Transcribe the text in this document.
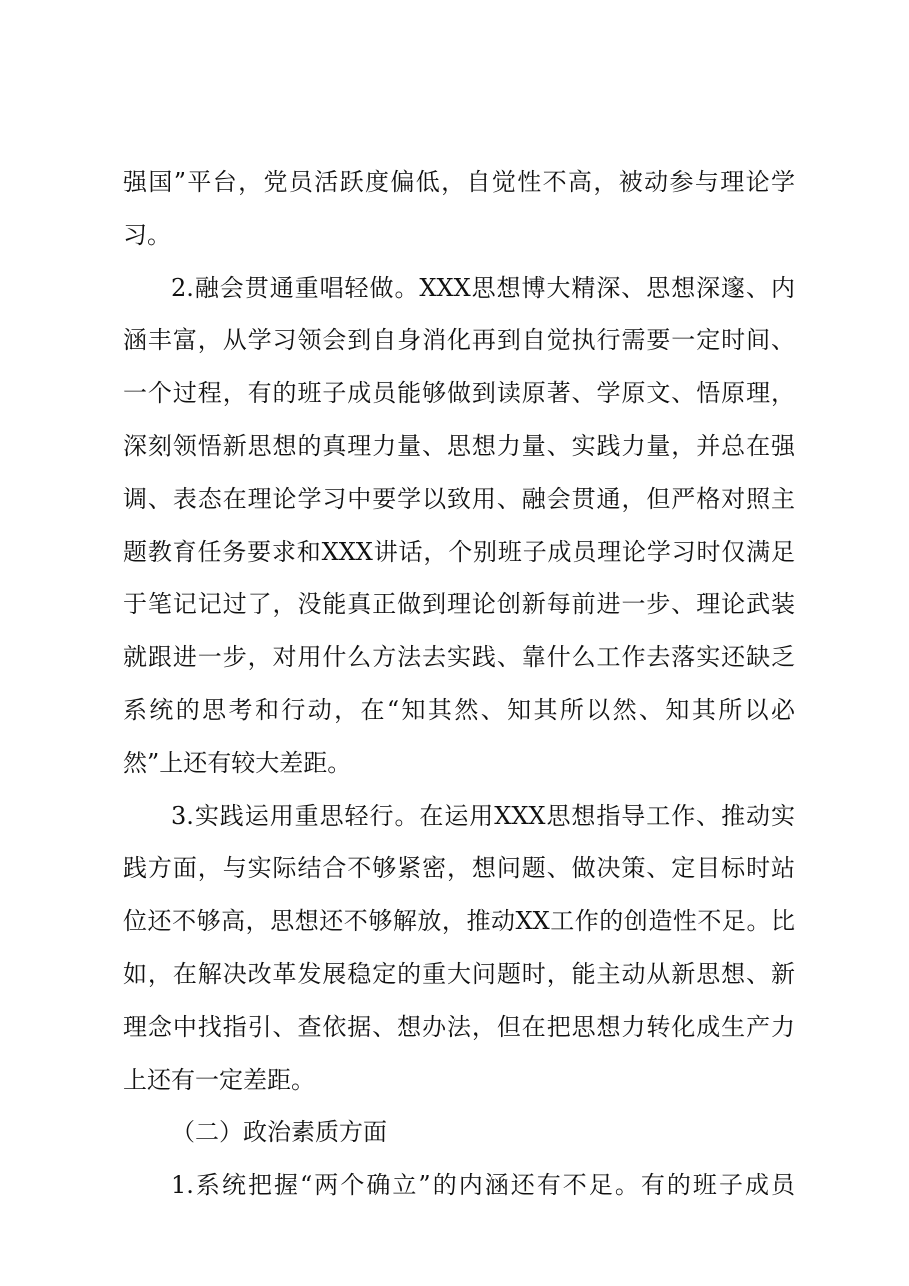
强国”平台，党员活跃度偏低，自觉性不高，被动参与理论学
习。
2.融会贯通重唱轻做。XXX思想博大精深、思想深邃、内
涵丰富，从学习领会到自身消化再到自觉执行需要一定时间、
一个过程，有的班子成员能够做到读原著、学原文、悟原理，
深刻领悟新思想的真理力量、思想力量、实践力量，并总在强
调、表态在理论学习中要学以致用、融会贯通，但严格对照主
题教育任务要求和XXX讲话，个别班子成员理论学习时仅满足
于笔记记过了，没能真正做到理论创新每前进一步、理论武装
就跟进一步，对用什么方法去实践、靠什么工作去落实还缺乏
系统的思考和行动，在“知其然、知其所以然、知其所以必
然”上还有较大差距。
3.实践运用重思轻行。在运用XXX思想指导工作、推动实
践方面，与实际结合不够紧密，想问题、做决策、定目标时站
位还不够高，思想还不够解放，推动XX工作的创造性不足。比
如，在解决改革发展稳定的重大问题时，能主动从新思想、新
理念中找指引、查依据、想办法，但在把思想力转化成生产力
上还有一定差距。
（二）政治素质方面
1.系统把握“两个确立”的内涵还有不足。有的班子成员
